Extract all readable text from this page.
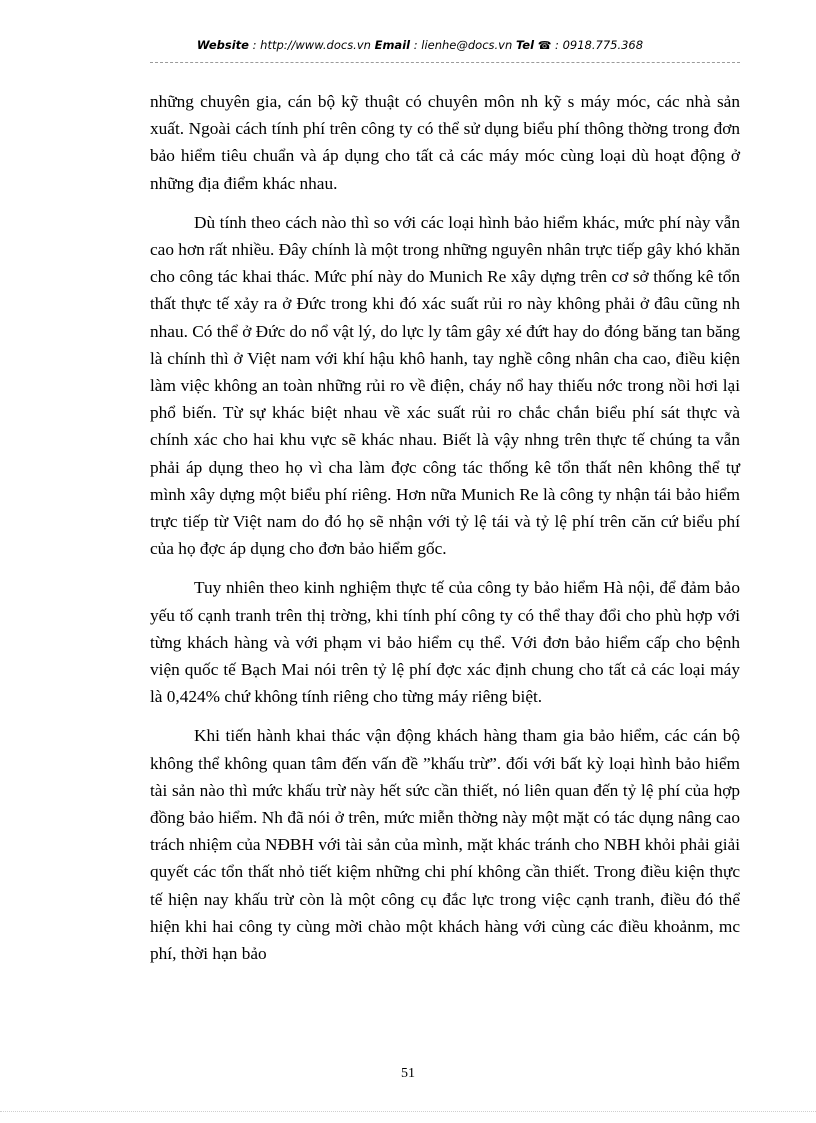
Website : http://www.docs.vn Email : lienhe@docs.vn Tel ☎ : 0918.775.368

những chuyên gia, cán bộ kỹ thuật có chuyên môn nh kỹ s máy móc, các nhà sản xuất. Ngoài cách tính phí trên công ty có thể sử dụng biểu phí thông thờng trong đơn bảo hiểm tiêu chuẩn và áp dụng cho tất cả các máy móc cùng loại dù hoạt động ở những địa điểm khác nhau.

Dù tính theo cách nào thì so với các loại hình bảo hiểm khác, mức phí này vẫn cao hơn rất nhiều. Đây chính là một trong những nguyên nhân trực tiếp gây khó khăn cho công tác khai thác. Mức phí này do Munich Re xây dựng trên cơ sở thống kê tổn thất thực tế xảy ra ở Đức trong khi đó xác suất rủi ro này không phải ở đâu cũng nh nhau. Có thể ở Đức do nổ vật lý, do lực ly tâm gây xé đứt hay do đóng băng tan băng là chính thì ở Việt nam với khí hậu khô hanh, tay nghề công nhân cha cao, điều kiện làm việc không an toàn những rủi ro về điện, cháy nổ hay thiếu nớc trong nồi hơi lại phổ biến. Từ sự khác biệt nhau về xác suất rủi ro chắc chắn biểu phí sát thực và chính xác cho hai khu vực sẽ khác nhau. Biết là vậy nhng trên thực tế chúng ta vẫn phải áp dụng theo họ vì cha làm đợc công tác thống kê tổn thất nên không thể tự mình xây dựng một biểu phí riêng. Hơn nữa Munich Re là công ty nhận tái bảo hiểm trực tiếp từ Việt nam do đó họ sẽ nhận với tỷ lệ tái và tỷ lệ phí trên căn cứ biểu phí của họ đợc áp dụng cho đơn bảo hiểm gốc.

Tuy nhiên theo kinh nghiệm thực tế của công ty bảo hiểm Hà nội, để đảm bảo yếu tố cạnh tranh trên thị trờng, khi tính phí công ty có thể thay đổi cho phù hợp với từng khách hàng và với phạm vi bảo hiểm cụ thể. Với đơn bảo hiểm cấp cho bệnh viện quốc tế Bạch Mai nói trên tỷ lệ phí đợc xác định chung cho tất cả các loại máy là 0,424% chứ không tính riêng cho từng máy riêng biệt.

Khi tiến hành khai thác vận động khách hàng tham gia bảo hiểm, các cán bộ không thể không quan tâm đến vấn đề ”khấu trừ”. đối với bất kỳ loại hình bảo hiểm tài sản nào thì mức khấu trừ này hết sức cần thiết, nó liên quan đến tỷ lệ phí của hợp đồng bảo hiểm. Nh đã nói ở trên, mức miễn thờng này một mặt có tác dụng nâng cao trách nhiệm của NĐBH với tài sản của mình, mặt khác tránh cho NBH khỏi phải giải quyết các tổn thất nhỏ tiết kiệm những chi phí không cần thiết. Trong điều kiện thực tế hiện nay khấu trừ còn là một công cụ đắc lực trong việc cạnh tranh, điều đó thể hiện khi hai công ty cùng mời chào một khách hàng với cùng các điều khoảnm, mc phí, thời hạn bảo

51
